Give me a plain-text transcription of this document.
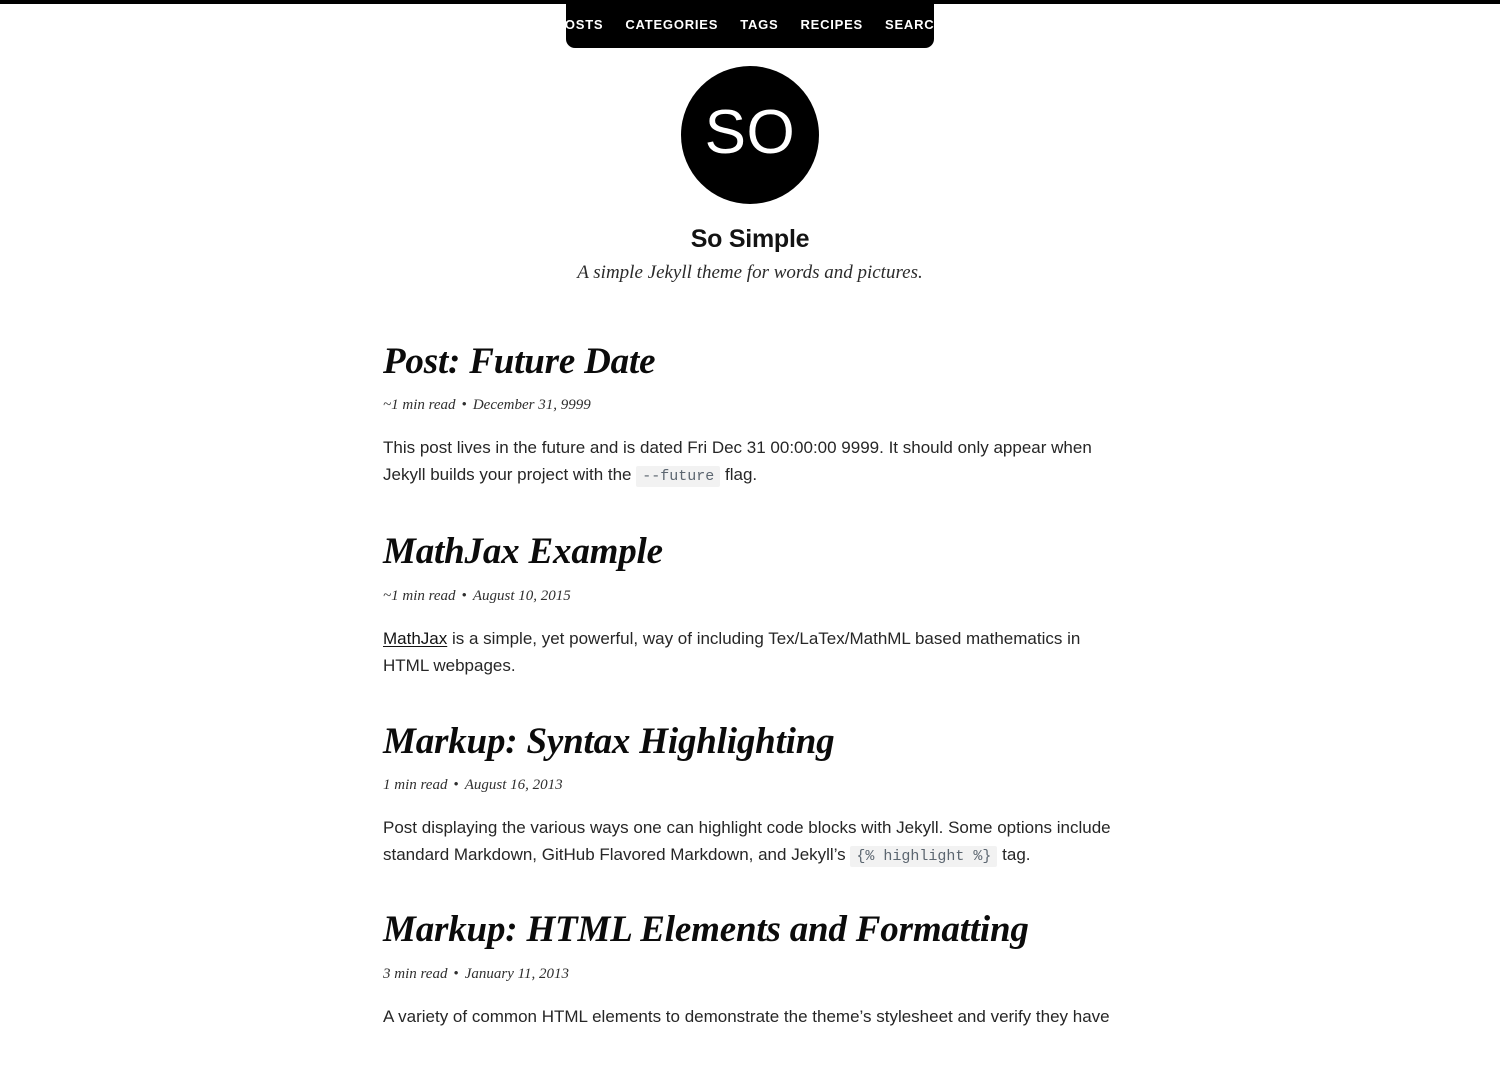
POSTS	CATEGORIES	TAGS	RECIPES	SEARCH
SO
So Simple

A simple Jekyll theme for words and pictures.

Post: Future Date

~1 min read • December 31, 9999

This post lives in the future and is dated Fri Dec 31 00:00:00 9999. It should only appear when Jekyll builds your project with the --future flag.

MathJax Example

~1 min read • August 10, 2015

MathJax is a simple, yet powerful, way of including Tex/LaTex/MathML based mathematics in HTML webpages.

Markup: Syntax Highlighting

1 min read • August 16, 2013

Post displaying the various ways one can highlight code blocks with Jekyll. Some options include standard Markdown, GitHub Flavored Markdown, and Jekyll’s {% highlight %} tag.

Markup: HTML Elements and Formatting

3 min read • January 11, 2013

A variety of common HTML elements to demonstrate the theme’s stylesheet and verify they have
